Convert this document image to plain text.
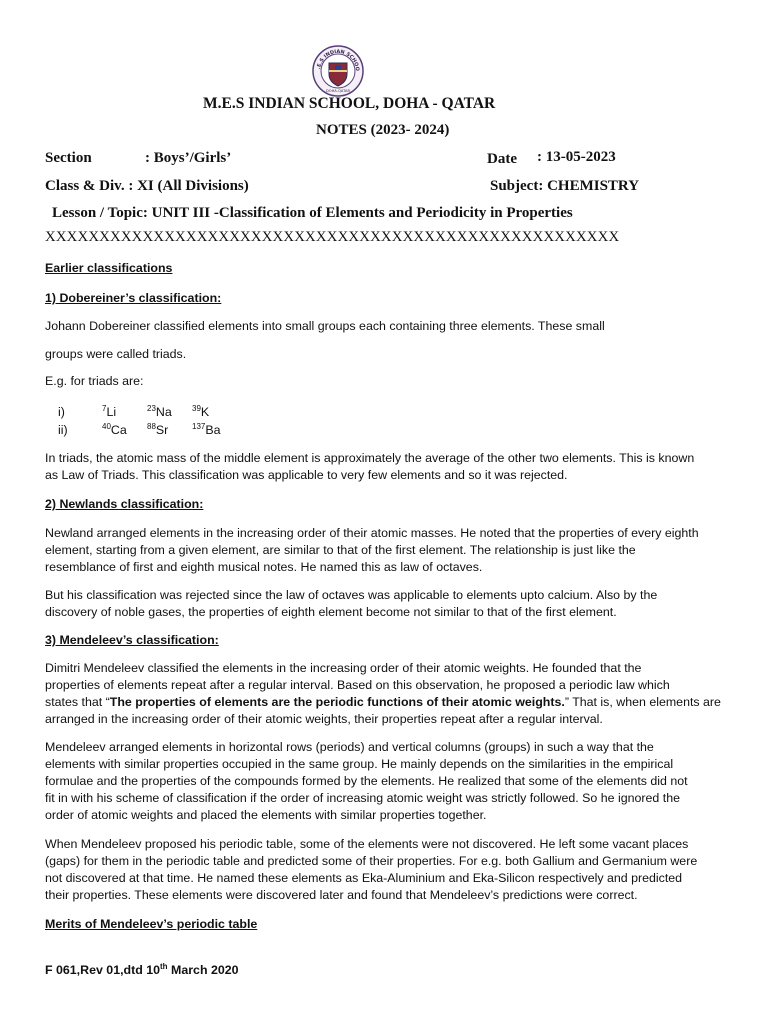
.E.S INDIAN SCHOO
DOHA-QATAR
M.E.S INDIAN SCHOOL, DOHA - QATAR
NOTES (2023- 2024)
Section	: Boys’/Girls’	Date : 13-05-2023
Class & Div. : XI (All Divisions)	Subject: CHEMISTRY
Lesson / Topic: UNIT III -Classification of Elements and Periodicity in Properties
XXXXXXXXXXXXXXXXXXXXXXXXXXXXXXXXXXXXXXXXXXXXXXXXXXXXX
Earlier classifications
1) Dobereiner’s classification:
Johann Dobereiner classified elements into small groups each containing three elements. These small
groups were called triads.
E.g. for triads are:
i)	$^7$Li	$^{23}$Na	$^{39}$K
ii)	$^{40}$Ca	$^{88}$Sr	$^{137}$Ba
In triads, the atomic mass of the middle element is approximately the average of the other two elements. This is known
as Law of Triads. This classification was applicable to very few elements and so it was rejected.
2) Newlands classification:
Newland arranged elements in the increasing order of their atomic masses. He noted that the properties of every eighth
element, starting from a given element, are similar to that of the first element. The relationship is just like the
resemblance of first and eighth musical notes. He named this as law of octaves.
But his classification was rejected since the law of octaves was applicable to elements upto calcium. Also by the
discovery of noble gases, the properties of eighth element become not similar to that of the first element.
3) Mendeleev’s classification:
Dimitri Mendeleev classified the elements in the increasing order of their atomic weights. He founded that the
properties of elements repeat after a regular interval. Based on this observation, he proposed a periodic law which
states that “The properties of elements are the periodic functions of their atomic weights.” That is, when elements are
arranged in the increasing order of their atomic weights, their properties repeat after a regular interval.
Mendeleev arranged elements in horizontal rows (periods) and vertical columns (groups) in such a way that the
elements with similar properties occupied in the same group. He mainly depends on the similarities in the empirical
formulae and the properties of the compounds formed by the elements. He realized that some of the elements did not
fit in with his scheme of classification if the order of increasing atomic weight was strictly followed. So he ignored the
order of atomic weights and placed the elements with similar properties together.
When Mendeleev proposed his periodic table, some of the elements were not discovered. He left some vacant places
(gaps) for them in the periodic table and predicted some of their properties. For e.g. both Gallium and Germanium were
not discovered at that time. He named these elements as Eka-Aluminium and Eka-Silicon respectively and predicted
their properties. These elements were discovered later and found that Mendeleev’s predictions were correct.
Merits of Mendeleev’s periodic table
F 061,Rev 01,dtd 10th March 2020
